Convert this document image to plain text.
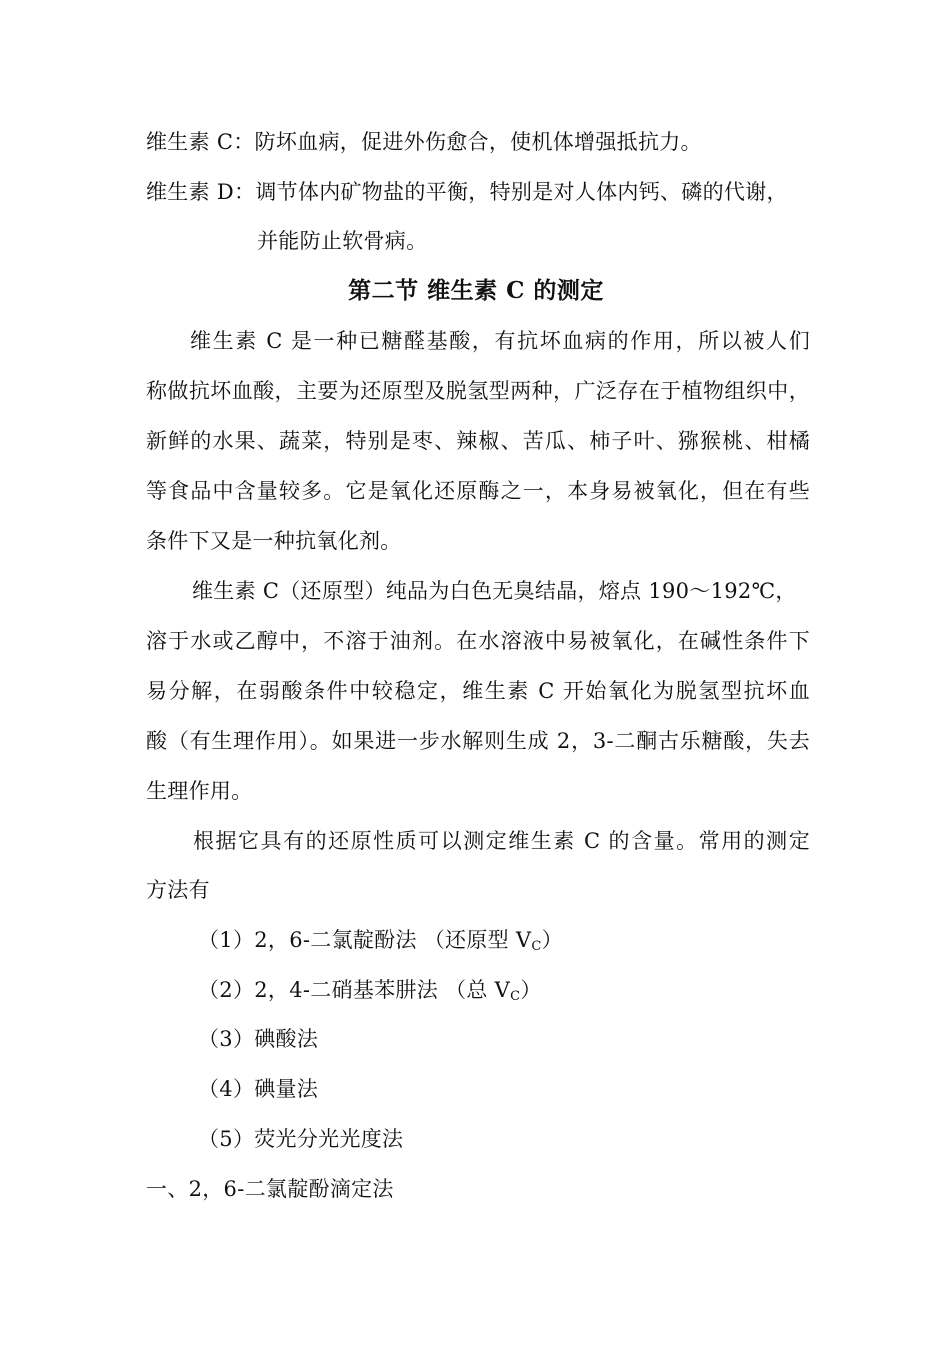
维生素 C：防坏血病，促进外伤愈合，使机体增强抵抗力。
维生素 D：调节体内矿物盐的平衡，特别是对人体内钙、磷的代谢，
并能防止软骨病。
第二节 维生素 C 的测定
维生素 C 是一种已糖醛基酸，有抗坏血病的作用，所以被人们
称做抗坏血酸，主要为还原型及脱氢型两种，广泛存在于植物组织中，
新鲜的水果、蔬菜，特别是枣、辣椒、苦瓜、柿子叶、猕猴桃、柑橘
等食品中含量较多。它是氧化还原酶之一，本身易被氧化，但在有些
条件下又是一种抗氧化剂。
维生素 C（还原型）纯品为白色无臭结晶，熔点 190～192℃，
溶于水或乙醇中，不溶于油剂。在水溶液中易被氧化，在碱性条件下
易分解，在弱酸条件中较稳定，维生素 C 开始氧化为脱氢型抗坏血
酸（有生理作用）。如果进一步水解则生成 2，3-二酮古乐糖酸，失去
生理作用。
根据它具有的还原性质可以测定维生素 C 的含量。常用的测定
方法有
（1）2，6-二氯靛酚法 （还原型 $V_C$）
（2）2，4-二硝基苯肼法 （总 $V_C$）
（3）碘酸法
（4）碘量法
（5）荧光分光光度法
一、2，6-二氯靛酚滴定法
